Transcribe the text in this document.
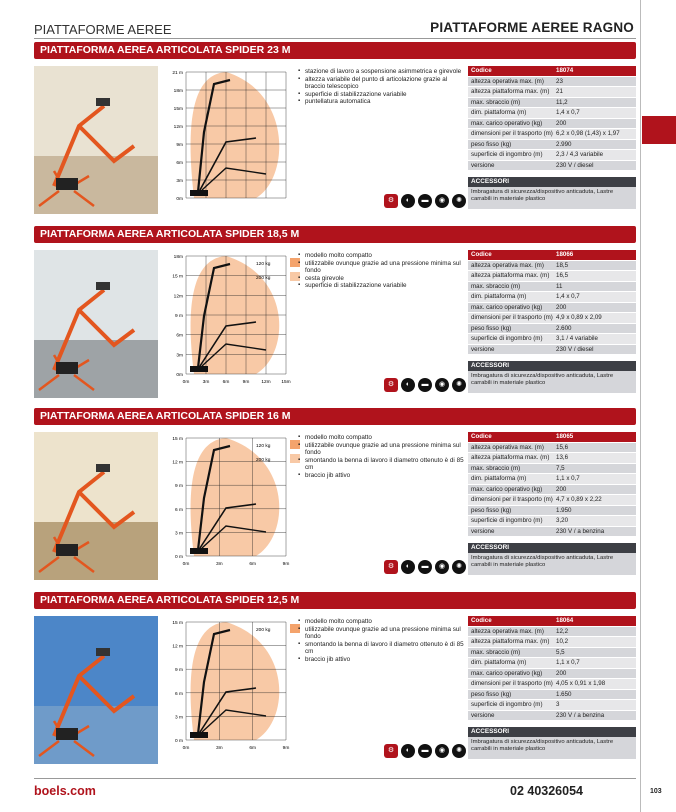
PIATTAFORME AEREE	PIATTAFORME AEREE RAGNO
PIATTAFORMA AEREA ARTICOLATA SPIDER 23 M
21 m
18m
15m
12m
9m
6m
3m
0m
▪ stazione di lavoro a sospensione asimmetrica e girevole
▪ altezza variabile del punto di articolazione grazie al braccio telescopico
▪ superficie di stabilizzazione variabile
▪ puntellatura automatica
⚙	◐	▬	◉	✺
Codice	18074
altezza operativa max. (m)	23
altezza piattaforma max. (m)	21
max. sbraccio (m)	11,2
dim. piattaforma (m)	1,4 x 0,7
max. carico operativo (kg)	200
dimensioni per il trasporto (m) 6,2 x 0,98 (1,43) x 1,97
peso fisso (kg)	2.990
superficie di ingombro (m)	2,3 / 4,3 variabile
versione	230 V / diesel
ACCESSORI
Imbragatura di sicurezza/dispositivo anticaduta, Lastre carrabili in materiale plastico
PIATTAFORMA AEREA ARTICOLATA SPIDER 18,5 M
18m
15 m
12m
9 m
6m
3m
0m
0m	3m	6m	9m 12m 15m
120 kg
200 kg
▪ modello molto compatto
▪ utilizzabile ovunque grazie ad una pressione minima sul fondo
▪ cesta girevole
▪ superficie di stabilizzazione variabile
⚙	◐	▬	◉	✺
Codice	18066
altezza operativa max. (m)	18,5
altezza piattaforma max. (m)	16,5
max. sbraccio (m)	11
dim. piattaforma (m)	1,4 x 0,7
max. carico operativo (kg)	200
dimensioni per il trasporto (m) 4,9 x 0,89 x 2,09
peso fisso (kg)	2.600
superficie di ingombro (m)	3,1 / 4 variabile
versione	230 V / diesel
ACCESSORI
Imbragatura di sicurezza/dispositivo anticaduta, Lastre carrabili in materiale plastico
PIATTAFORMA AEREA ARTICOLATA SPIDER 16 M
15 m
12 m
9 m
6 m
3 m
0 m
0m	3m	6m	9m
120 kg
200 kg
▪ modello molto compatto
▪ utilizzabile ovunque grazie ad una pressione minima sul fondo
▪ smontando la benna di lavoro il diametro ottenuto è di 85 cm
▪ braccio jib attivo
⚙	◐	▬	◉	✺
Codice	18065
altezza operativa max. (m)	15,6
altezza piattaforma max. (m)	13,6
max. sbraccio (m)	7,5
dim. piattaforma (m)	1,1 x 0,7
max. carico operativo (kg)	200
dimensioni per il trasporto (m) 4,7 x 0,89 x 2,22
peso fisso (kg)	1.950
superficie di ingombro (m)	3,20
versione	230 V / a benzina
ACCESSORI
Imbragatura di sicurezza/dispositivo anticaduta, Lastre carrabili in materiale plastico
PIATTAFORMA AEREA ARTICOLATA SPIDER 12,5 M
15 m
12 m
9 m
6 m
3 m
0 m
0m	3m	6m	9m
200 kg
▪ modello molto compatto
▪ utilizzabile ovunque grazie ad una pressione minima sul fondo
▪ smontando la benna di lavoro il diametro ottenuto è di 85 cm
▪ braccio jib attivo
⚙	◐	▬	◉	✺
Codice	18064
altezza operativa max. (m)	12,2
altezza piattaforma max. (m)	10,2
max. sbraccio (m)	5,5
dim. piattaforma (m)	1,1 x 0,7
max. carico operativo (kg)	200
dimensioni per il trasporto (m) 4,05 x 0,91 x 1,98
peso fisso (kg)	1.650
superficie di ingombro (m)	3
versione	230 V / a benzina
ACCESSORI
Imbragatura di sicurezza/dispositivo anticaduta, Lastre carrabili in materiale plastico
boels.com	02 40326054	103
